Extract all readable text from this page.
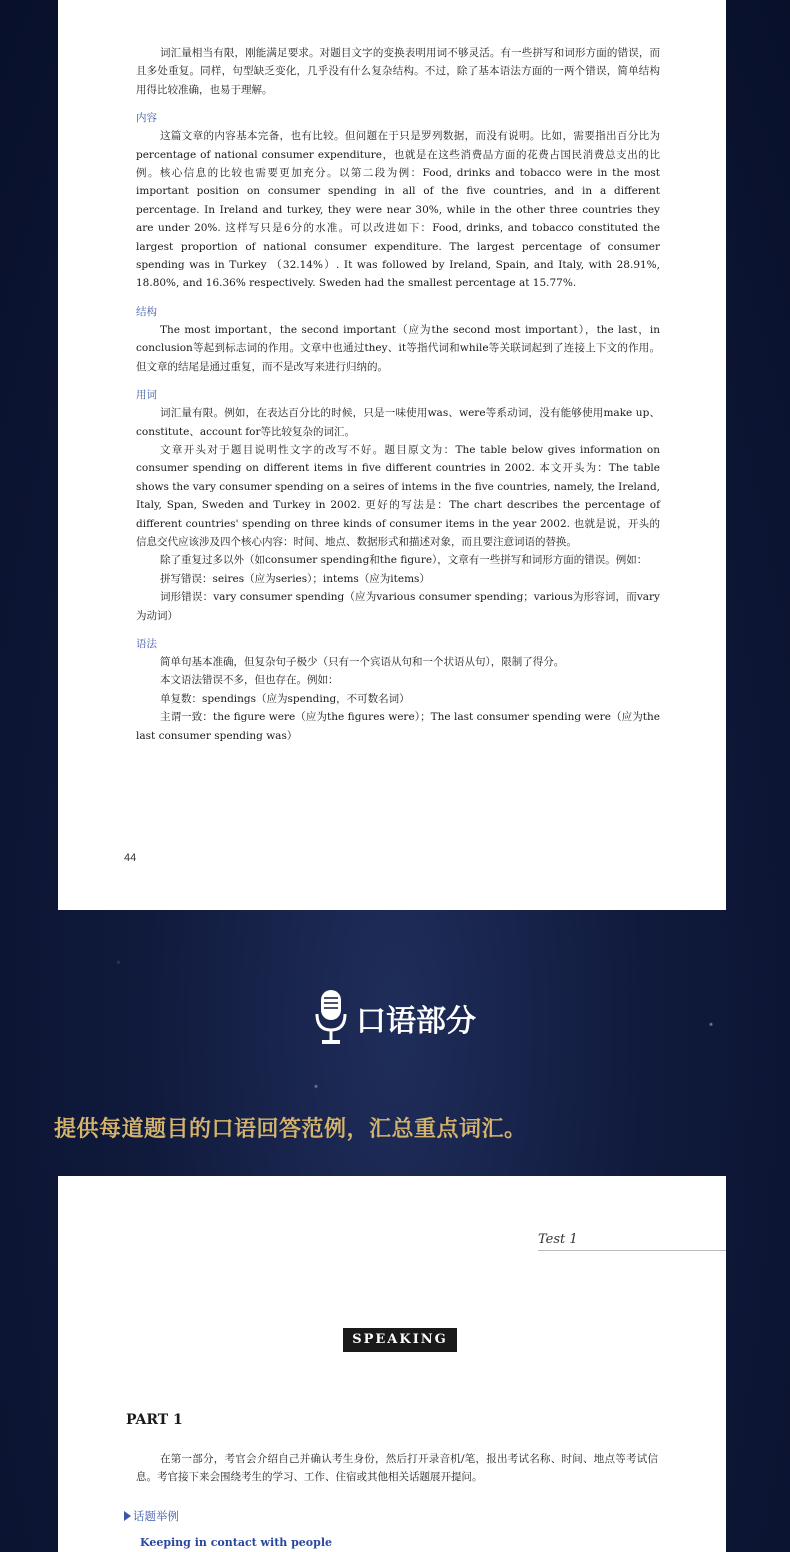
词汇量相当有限，刚能满足要求。对题目文字的变换表明用词不够灵活。有一些拼写和词形方面的错误，而且多处重复。同样，句型缺乏变化，几乎没有什么复杂结构。不过，除了基本语法方面的一两个错误，简单结构用得比较准确，也易于理解。

内容

这篇文章的内容基本完备，也有比较。但问题在于只是罗列数据，而没有说明。比如，需要指出百分比为percentage of national consumer expenditure，也就是在这些消费品方面的花费占国民消费总支出的比例。核心信息的比较也需要更加充分。以第二段为例：Food, drinks and tobacco were in the most important position on consumer spending in all of the five countries, and in a different percentage. In Ireland and turkey, they were near 30%, while in the other three countries they are under 20%. 这样写只是6分的水准。可以改进如下：Food, drinks, and tobacco constituted the largest proportion of national consumer expenditure. The largest percentage of consumer spending was in Turkey （32.14%）. It was followed by Ireland, Spain, and Italy, with 28.91%, 18.80%, and 16.36% respectively. Sweden had the smallest percentage at 15.77%.

结构

The most important，the second important（应为the second most important），the last，in conclusion等起到标志词的作用。文章中也通过they、it等指代词和while等关联词起到了连接上下文的作用。但文章的结尾是通过重复，而不是改写来进行归纳的。

用词

词汇量有限。例如，在表达百分比的时候，只是一味使用was、were等系动词，没有能够使用make up、constitute、account for等比较复杂的词汇。

文章开头对于题目说明性文字的改写不好。题目原文为：The table below gives information on consumer spending on different items in five different countries in 2002. 本文开头为：The table shows the vary consumer spending on a seires of intems in the five countries, namely, the Ireland, Italy, Span, Sweden and Turkey in 2002. 更好的写法是：The chart describes the percentage of different countries' spending on three kinds of consumer items in the year 2002. 也就是说，开头的信息交代应该涉及四个核心内容：时间、地点、数据形式和描述对象，而且要注意词语的替换。

除了重复过多以外（如consumer spending和the figure），文章有一些拼写和词形方面的错误。例如：

拼写错误：seires（应为series）；intems（应为items）

词形错误：vary consumer spending（应为various consumer spending；various为形容词，而vary为动词）

语法

简单句基本准确，但复杂句子极少（只有一个宾语从句和一个状语从句），限制了得分。

本文语法错误不多，但也存在。例如：

单复数：spendings（应为spending，不可数名词）

主谓一致：the figure were（应为the figures were）；The last consumer spending were（应为the last consumer spending was）

44
口语部分
提供每道题目的口语回答范例，汇总重点词汇。
Test 1
SPEAKING
PART 1

在第一部分，考官会介绍自己并确认考生身份，然后打开录音机/笔，报出考试名称、时间、地点等考试信息。考官接下来会围绕考生的学习、工作、住宿或其他相关话题展开提问。

话题举例
Keeping in contact with people
